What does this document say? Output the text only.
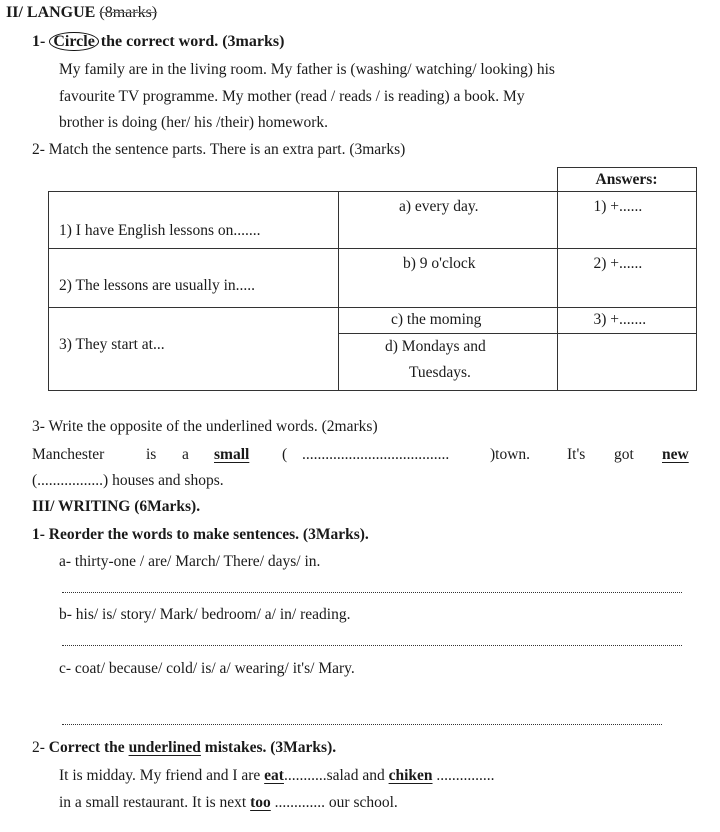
II/ LANGUE (8marks)
1- Circle the correct word. (3marks)
My family are in the living room. My father is (washing/ watching/ looking) his
favourite TV programme. My mother (read / reads / is reading) a book. My
brother is doing (her/ his /their) homework.
2- Match the sentence parts. There is an extra part. (3marks)
		Answers:

1) I have English lessons on.......	a) every day.	1) +......

2) The lessons are usually in.....	b) 9 o'clock	2) +......

3) They start at...	c) the moming	3) +.......

	d) Mondays and
Tuesdays.	

3- Write the opposite of the underlined words. (2marks)
Manchester	is a small ( ......................................	)town. It's got new
(.................) houses and shops.
III/ WRITING (6Marks).
1- Reorder the words to make sentences. (3Marks).
a- thirty-one / are/ March/ There/ days/ in.
b- his/ is/ story/ Mark/ bedroom/ a/ in/ reading.
c- coat/ because/ cold/ is/ a/ wearing/ it's/ Mary.
2- Correct the underlined mistakes. (3Marks).
It is midday. My friend and I are eat...........salad and chiken ...............
in a small restaurant. It is next too ............. our school.
